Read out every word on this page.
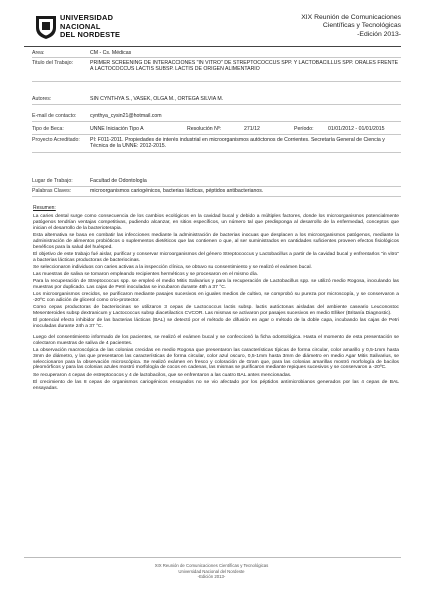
UNIVERSIDAD
NACIONAL
DEL NORDESTE
XIX Reunión de Comunicaciones
Científicas y Tecnológicas
-Edición 2013-
Area:	CM - Cs. Médicas
Titulo del Trabajo:	PRIMER SCREENING DE INTERACCIONES "IN VITRO" DE STREPTOCOCCUS SPP. Y LACTOBACILLUS SPP. ORALES FRENTE A LACTOCOCCUS LACTIS SUBSP. LACTIS DE ORIGEN ALIMENTARIO
Autores:	SIN CYNTHYA S., VASEK, OLGA M., ORTEGA SILVIA M.
E-mail de contacto:	cynthya_cysin21@hotmail.com
Tipo de Beca:	UNNE Iniciación Tipo A	Resolución Nº:	271/12	Período:	01/01/2012 - 01/01/2015
Proyecto Acreditado:	PI: F011-2011. Propiedades de interés industrial en microorganismos autóctonos de Corrientes. Secretaría General de Ciencia y Técnica de la UNNE: 2012-2015.
Lugar de Trabajo:	Facultad de Odontología
Palabras Claves:	microorganismos cariogénicos, bacterias lácticas, péptidos antibacterianos.
Resumen:

La caries dental surge como consecuencia de los cambios ecológicos en la cavidad bucal y debido a múltiples factores, donde los microorganismos potencialmente patógenos tendrían ventajas competitivas, pudiendo alcanzar, en sitios específicos, un número tal que predisponga al desarrollo de la enfermedad, conceptos que inician el desarrollo de la bacterioterapia.

Esta alternativa se basa en combatir las infecciones mediante la administración de bacterias inocuas que desplacen a los microorganismos patógenos, mediante la administración de alimentos probióticos o suplementos dietéticos que las contienen o que, al ser suministrados en cantidades suficientes proveen efectos fisiológicos benéficos para la salud del huésped.

El objetivo de este trabajo fué aislar, purificar y conservar microorganismos del género Streptococcus y Lactobacillus a partir de la cavidad bucal y enfrentarlos "in vitro" a bacterias lácticas productoras de bacteriocinas.

Se seleccionaron individuos con caries activas a la inspección clínica, se obtuvo su consentimiento y se realizó el exámen bucal.

Las muestras de saliva se tomaron empleando recipientes herméticos y se procesaron en el mismo día.

Para la recuperación de Streptococcus spp. se empleó el medio Mitis Salivarius y para la recuperación de Lactobacillus spp. se utilizó medio Rogosa, inoculando las muestras por duplicado. Las cajas de Petri inoculadas se incubaron durante 48h a 37 °C.

Los microorganismos crecidos, se purificaron mediante pasajes sucesivos en iguales medios de cultivo, se comprobó su pureza por microscopía, y se conservaron a -20ºC con adición de glicerol como crio-protector.

Como cepas productoras de bacteriocinas se utilizaron 3 cepas de Lactococcus lactis subsp. lactis autóctonas aisladas del ambiente caseario Leuconostoc Mesenteroides subsp dextranicum y Lactococcus subsp diacetilactics CVCOR. Las mismas se activaron por pasajes sucesivos en medio Elliker (Britanía Diagnostic).

El potencial efecto inhibidor de las bacterias lácticas (BAL) se detectó por el método de difusión en agar o método de la doble capa, incubando las cajas de Petri inoculadas durante 24h a 37 °C.

Luego del consentimiento informado de los pacientes, se realizó el exámen bucal y se confeccionó la ficha odontológica. Hasta el momento de esta presentación se colectaron muestras de saliva de 4 pacientes.

La observación macroscópica de las colonias crecidas en medio Rogosa que presentaron las características típicas de forma circular, color amarillo y 0,5-1mm hasta 3mm de diámetro, y las que presentaron las características de forma circular, color azul oscuro, 0,5-1mm hasta 3mm de diámetro en medio Agar Mitis Salivarius, se seleccionaron para la observación microscópica. Se realizó exámen en fresco y coloración de Gram que, para las colonias amarillas mostró morfología de bacilos pleomórficos y para las colonias azules mostró morfología de cocos en cadenas, las mismas se purificaron mediante repiques sucesivos y se conservaron a -20ºC.

Se recuperaron 4 cepas de estreptococos y 4 de lactobacilos, que se enfrentaron a las cuatro BAL antes mencionadas.

El crecimiento de las 8 cepas de organismos cariogénicos ensayados no se vio afectado por los péptidos antimicrobianos generados por las 4 cepas de BAL ensayadas.

XIX Reunión de Comunicaciones Científicas y Tecnológicas
Universidad Nacional del Nordeste
-Edición 2013-
